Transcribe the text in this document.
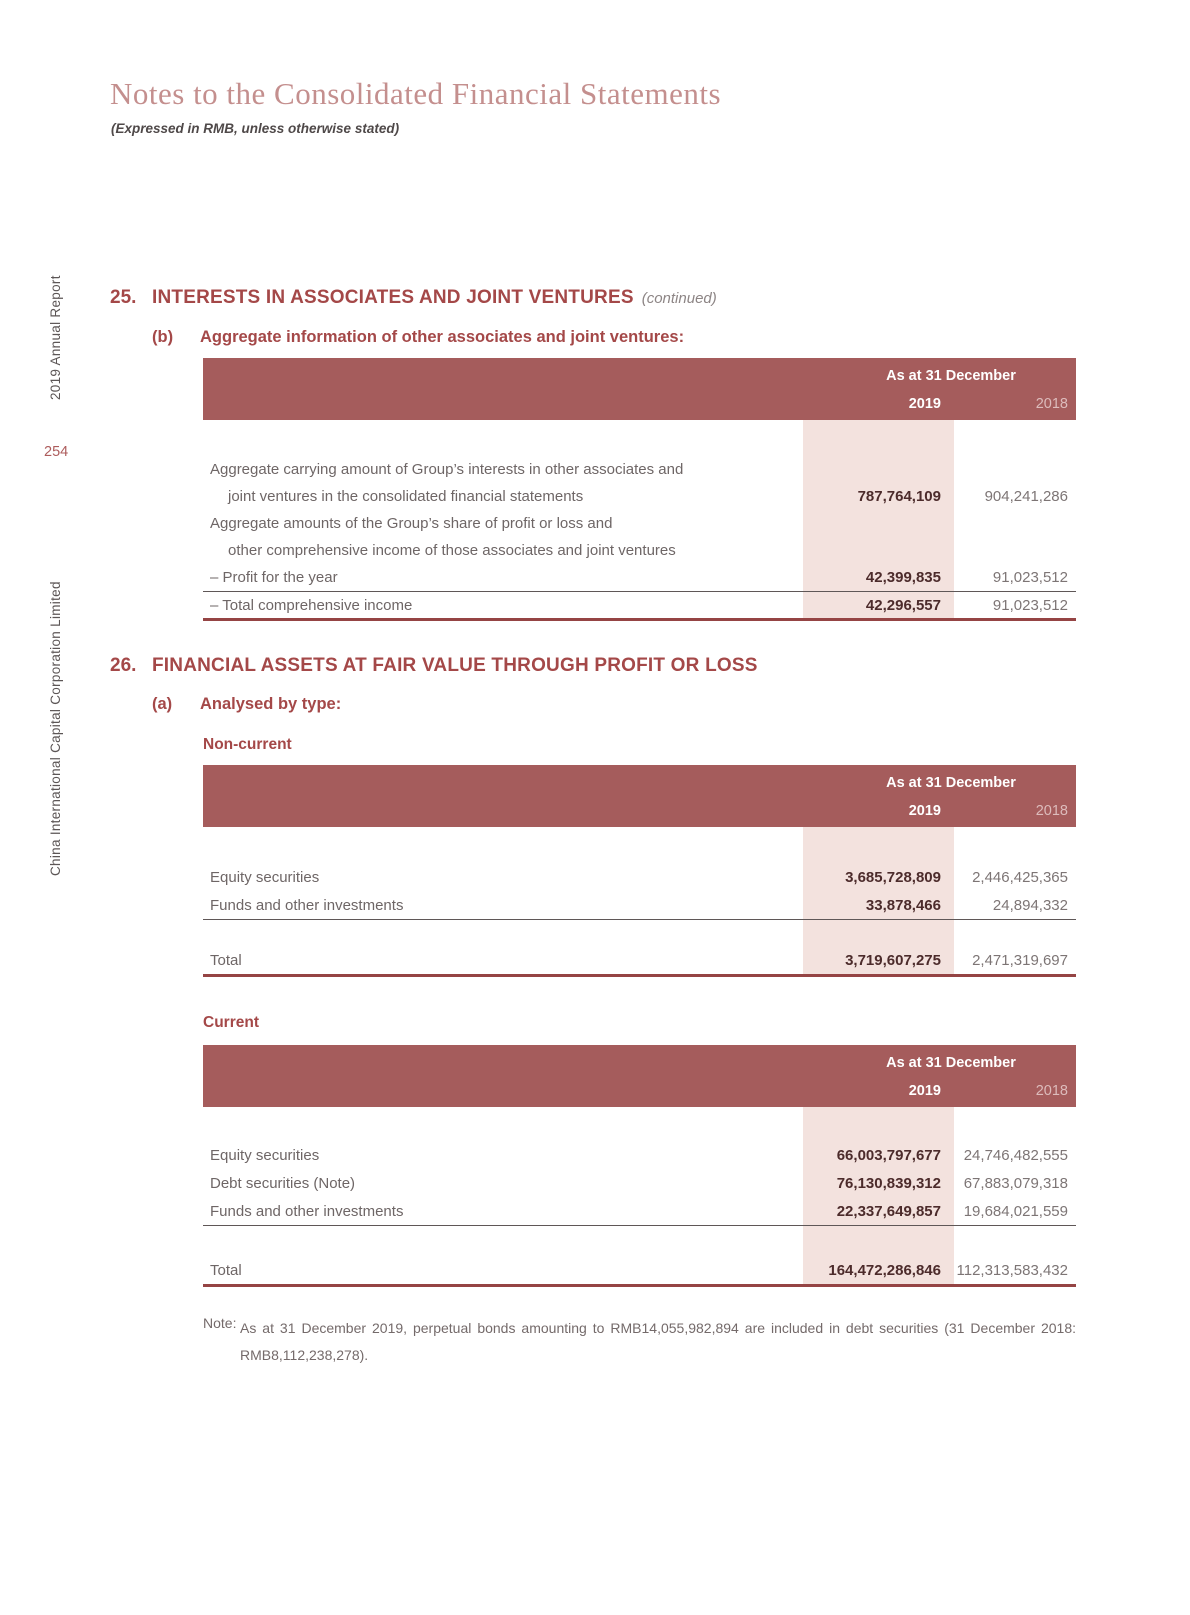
Notes to the Consolidated Financial Statements
(Expressed in RMB, unless otherwise stated)
2019 Annual Report
254
China International Capital Corporation Limited
25. INTERESTS IN ASSOCIATES AND JOINT VENTURES (continued)
(b)	Aggregate information of other associates and joint ventures:
As at 31 December
2019	2018
Aggregate carrying amount of Group’s interests in other associates and
joint ventures in the consolidated financial statements	787,764,109	904,241,286
Aggregate amounts of the Group’s share of profit or loss and
other comprehensive income of those associates and joint ventures
– Profit for the year	42,399,835	91,023,512
– Total comprehensive income	42,296,557	91,023,512
26. FINANCIAL ASSETS AT FAIR VALUE THROUGH PROFIT OR LOSS
(a)	Analysed by type:
Non-current
As at 31 December
2019	2018
Equity securities	3,685,728,809	2,446,425,365
Funds and other investments	33,878,466	24,894,332
Total	3,719,607,275	2,471,319,697
Current
As at 31 December
2019	2018
Equity securities	66,003,797,677	24,746,482,555
Debt securities (Note)	76,130,839,312	67,883,079,318
Funds and other investments	22,337,649,857	19,684,021,559
Total	164,472,286,846	112,313,583,432
Note: As at 31 December 2019, perpetual bonds amounting to RMB14,055,982,894 are included in debt securities (31 December 2018:
RMB8,112,238,278).
